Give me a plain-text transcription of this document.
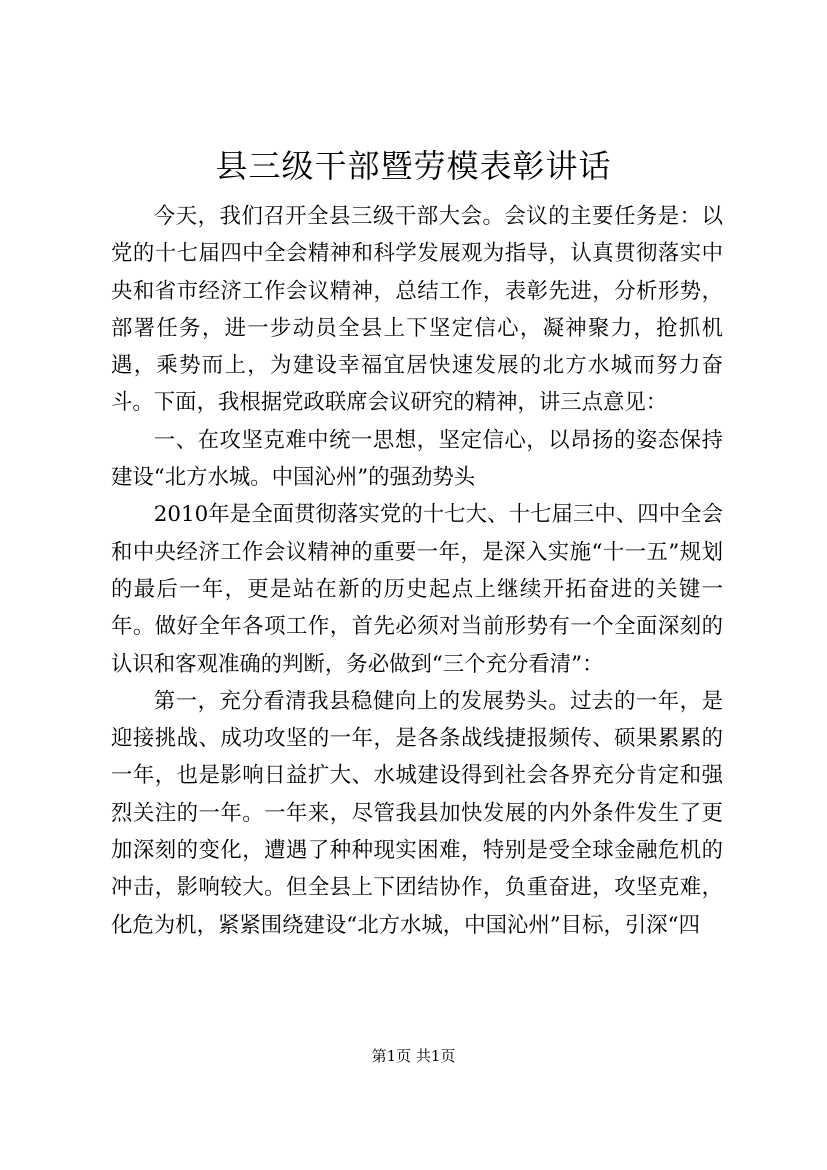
县三级干部暨劳模表彰讲话

今天，我们召开全县三级干部大会。会议的主要任务是：以党的十七届四中全会精神和科学发展观为指导，认真贯彻落实中央和省市经济工作会议精神，总结工作，表彰先进，分析形势，部署任务，进一步动员全县上下坚定信心，凝神聚力，抢抓机遇，乘势而上，为建设幸福宜居快速发展的北方水城而努力奋斗。下面，我根据党政联席会议研究的精神，讲三点意见：

一、在攻坚克难中统一思想，坚定信心，以昂扬的姿态保持建设“北方水城。中国沁州”的强劲势头

2010年是全面贯彻落实党的十七大、十七届三中、四中全会和中央经济工作会议精神的重要一年，是深入实施“十一五”规划的最后一年，更是站在新的历史起点上继续开拓奋进的关键一年。做好全年各项工作，首先必须对当前形势有一个全面深刻的认识和客观准确的判断，务必做到“三个充分看清”：

第一，充分看清我县稳健向上的发展势头。过去的一年，是迎接挑战、成功攻坚的一年，是各条战线捷报频传、硕果累累的一年，也是影响日益扩大、水城建设得到社会各界充分肯定和强烈关注的一年。一年来，尽管我县加快发展的内外条件发生了更加深刻的变化，遭遇了种种现实困难，特别是受全球金融危机的冲击，影响较大。但全县上下团结协作，负重奋进，攻坚克难，化危为机，紧紧围绕建设“北方水城，中国沁州”目标，引深“四

第1页 共1页
